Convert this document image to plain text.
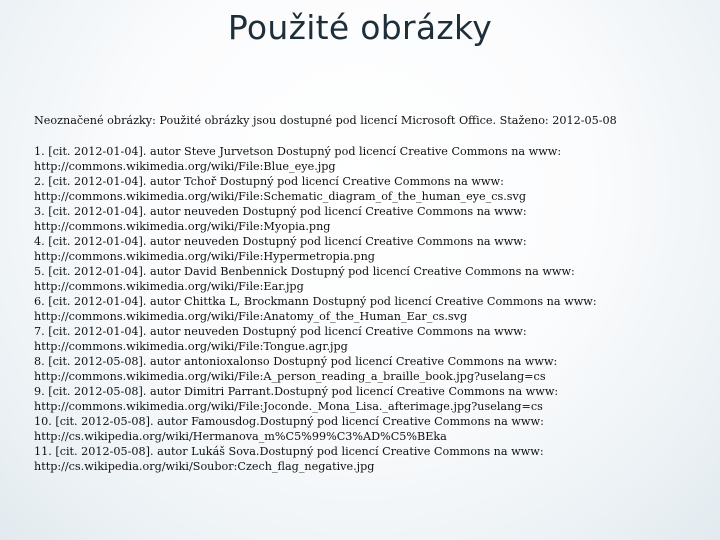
Použité obrázky
Neoznačené obrázky: Použité obrázky jsou dostupné pod licencí Microsoft Office. Staženo: 2012-05-08
1. [cit. 2012-01-04]. autor Steve Jurvetson Dostupný pod licencí Creative Commons na www:
http://commons.wikimedia.org/wiki/File:Blue_eye.jpg
2. [cit. 2012-01-04]. autor Tchoř Dostupný pod licencí Creative Commons na www:
http://commons.wikimedia.org/wiki/File:Schematic_diagram_of_the_human_eye_cs.svg
3. [cit. 2012-01-04]. autor neuveden Dostupný pod licencí Creative Commons na www:
http://commons.wikimedia.org/wiki/File:Myopia.png
4. [cit. 2012-01-04]. autor neuveden Dostupný pod licencí Creative Commons na www:
http://commons.wikimedia.org/wiki/File:Hypermetropia.png
5. [cit. 2012-01-04]. autor David Benbennick Dostupný pod licencí Creative Commons na www:
http://commons.wikimedia.org/wiki/File:Ear.jpg
6. [cit. 2012-01-04]. autor Chittka L, Brockmann Dostupný pod licencí Creative Commons na www:
http://commons.wikimedia.org/wiki/File:Anatomy_of_the_Human_Ear_cs.svg
7. [cit. 2012-01-04]. autor neuveden Dostupný pod licencí Creative Commons na www:
http://commons.wikimedia.org/wiki/File:Tongue.agr.jpg
8. [cit. 2012-05-08]. autor antonioxalonso Dostupný pod licencí Creative Commons na www:
http://commons.wikimedia.org/wiki/File:A_person_reading_a_braille_book.jpg?uselang=cs
9. [cit. 2012-05-08]. autor Dimitri Parrant.Dostupný pod licencí Creative Commons na www:
http://commons.wikimedia.org/wiki/File:Joconde._Mona_Lisa._afterimage.jpg?uselang=cs
10. [cit. 2012-05-08]. autor Famousdog.Dostupný pod licencí Creative Commons na www:
http://cs.wikipedia.org/wiki/Hermanova_m%C5%99%C3%AD%C5%BEka
11. [cit. 2012-05-08]. autor Lukáš Sova.Dostupný pod licencí Creative Commons na www:
http://cs.wikipedia.org/wiki/Soubor:Czech_flag_negative.jpg
